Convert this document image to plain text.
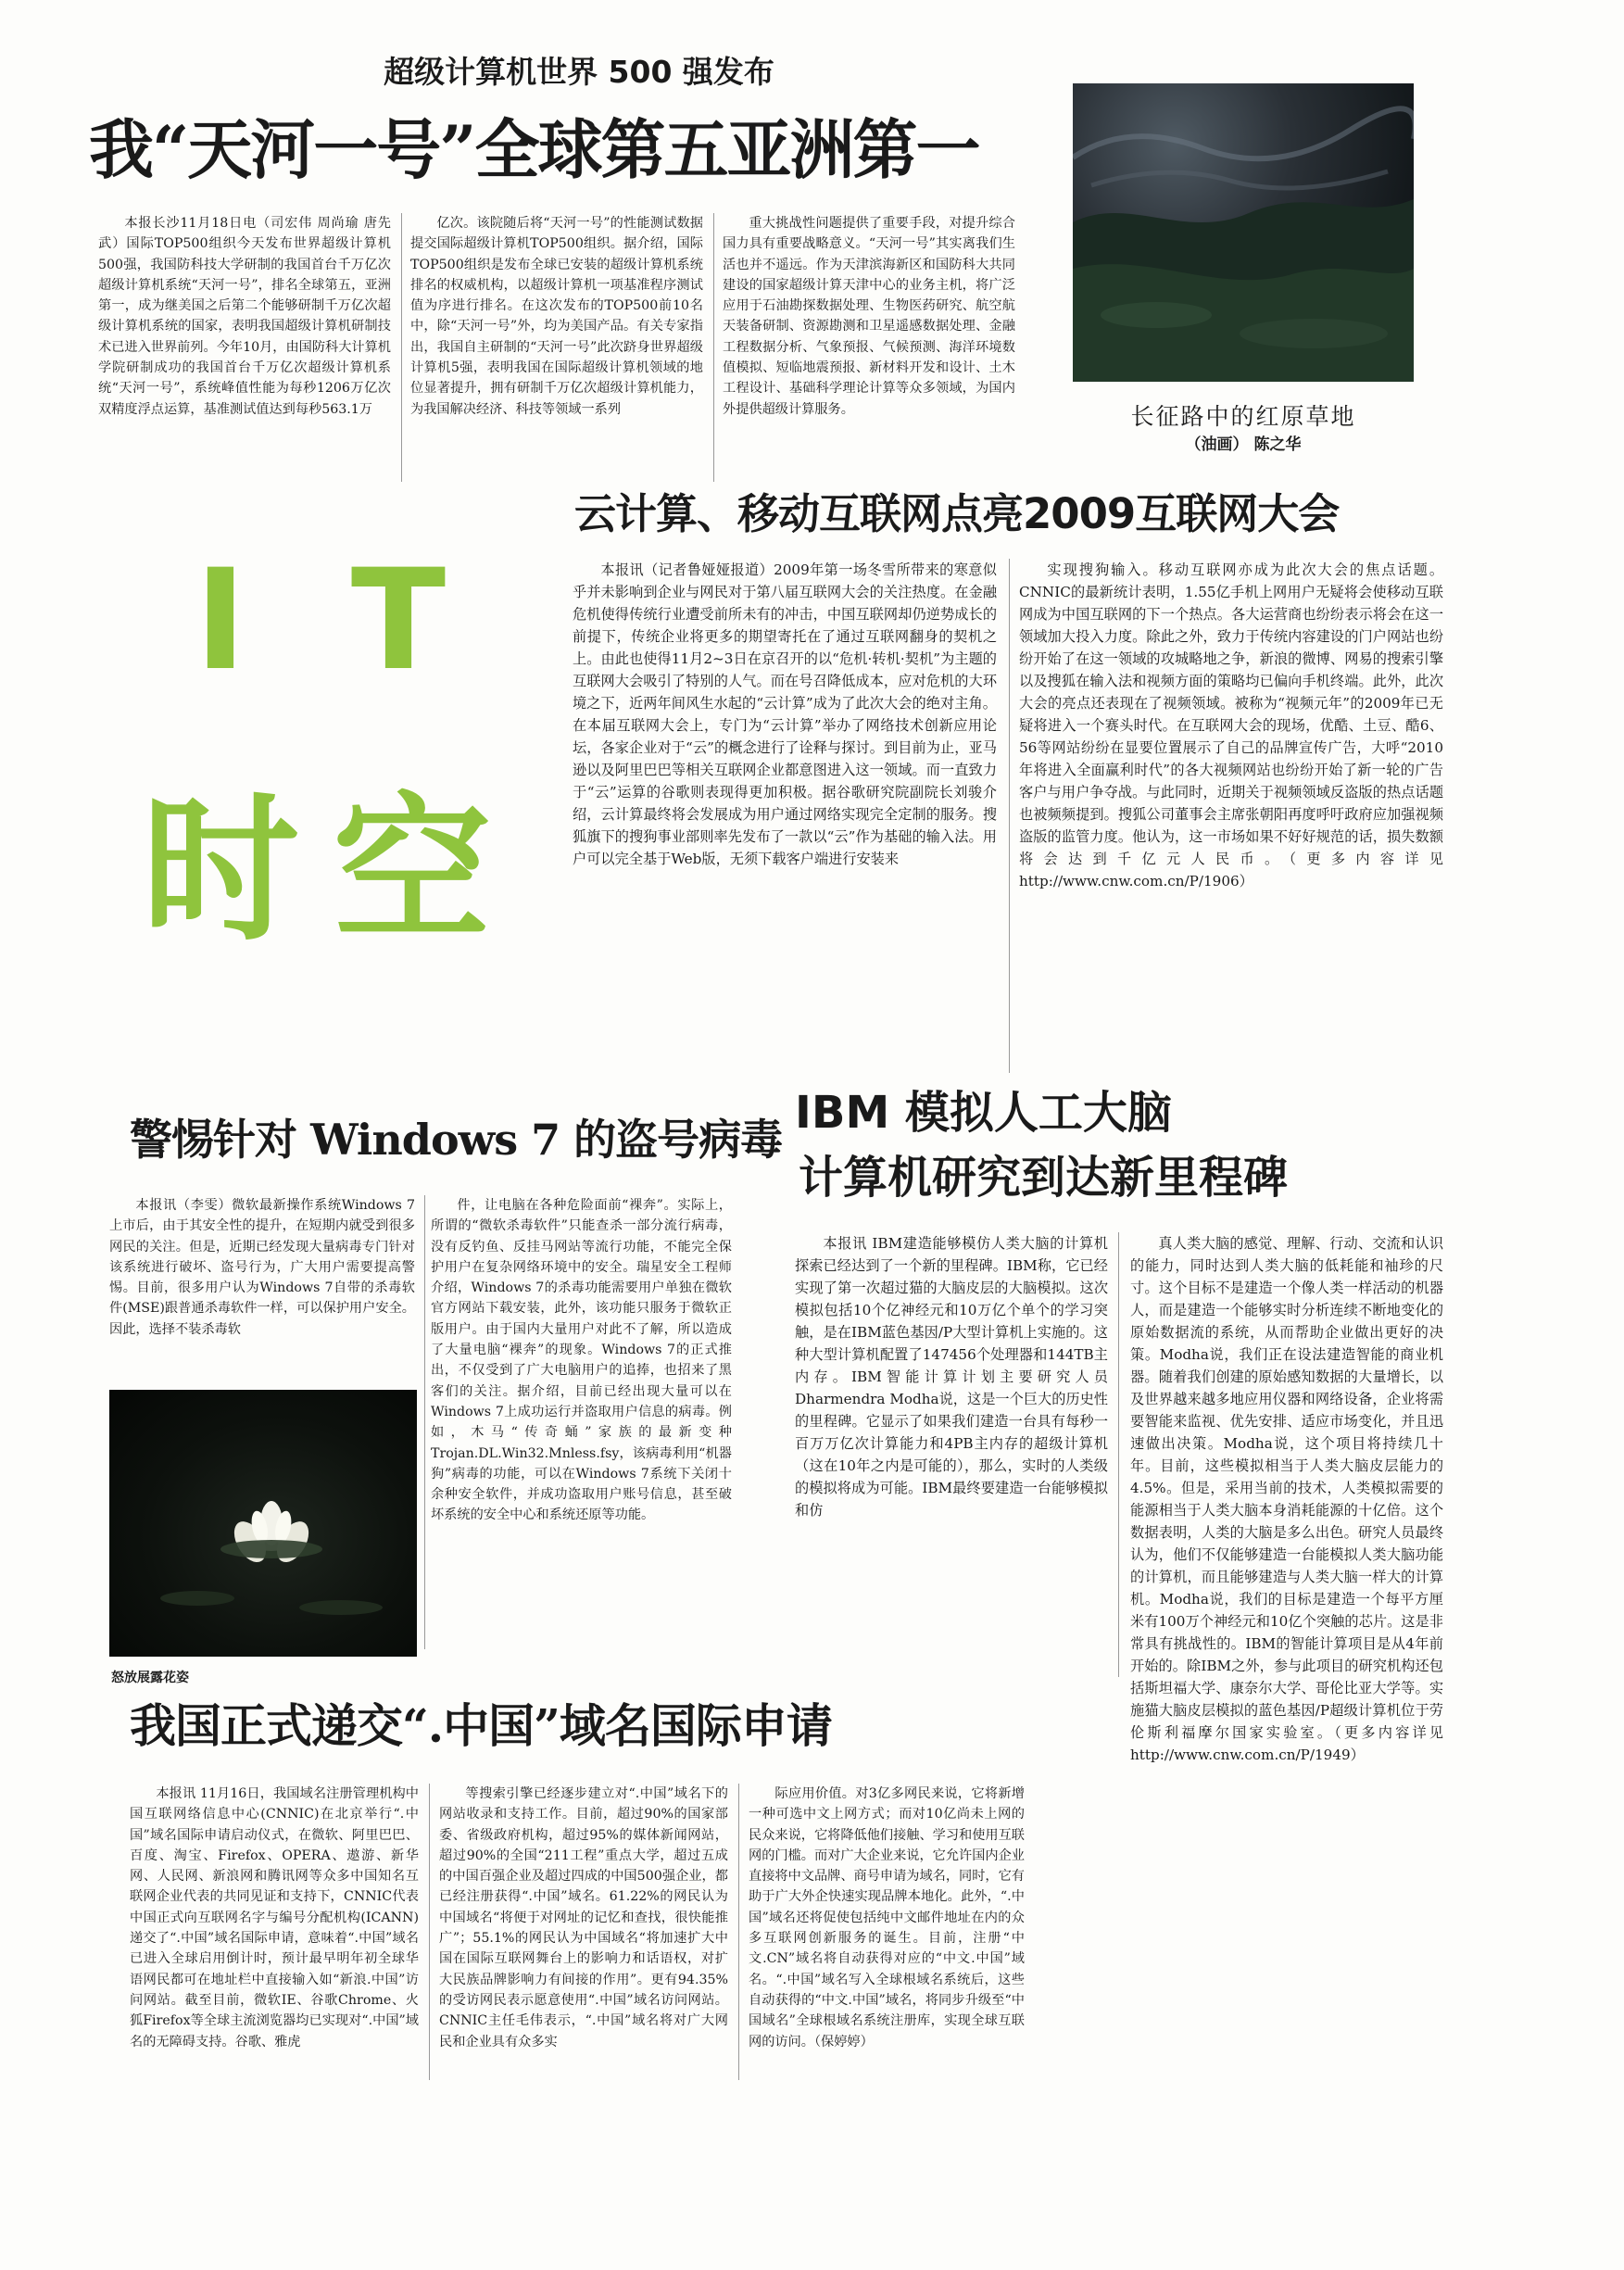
超级计算机世界 500 强发布
我“天河一号”全球第五亚洲第一

本报长沙11月18日电（司宏伟 周尚瑜 唐先武）国际TOP500组织今天发布世界超级计算机500强，我国防科技大学研制的我国首台千万亿次超级计算机系统“天河一号”，排名全球第五，亚洲第一，成为继美国之后第二个能够研制千万亿次超级计算机系统的国家，表明我国超级计算机研制技术已进入世界前列。今年10月，由国防科大计算机学院研制成功的我国首台千万亿次超级计算机系统“天河一号”，系统峰值性能为每秒1206万亿次双精度浮点运算，基准测试值达到每秒563.1万

亿次。该院随后将“天河一号”的性能测试数据提交国际超级计算机TOP500组织。据介绍，国际TOP500组织是发布全球已安装的超级计算机系统排名的权威机构，以超级计算机一项基准程序测试值为序进行排名。在这次发布的TOP500前10名中，除“天河一号”外，均为美国产品。有关专家指出，我国自主研制的“天河一号”此次跻身世界超级计算机5强，表明我国在国际超级计算机领域的地位显著提升，拥有研制千万亿次超级计算机能力，为我国解决经济、科技等领域一系列

重大挑战性问题提供了重要手段，对提升综合国力具有重要战略意义。“天河一号”其实离我们生活也并不遥远。作为天津滨海新区和国防科大共同建设的国家超级计算天津中心的业务主机，将广泛应用于石油勘探数据处理、生物医药研究、航空航天装备研制、资源勘测和卫星遥感数据处理、金融工程数据分析、气象预报、气候预测、海洋环境数值模拟、短临地震预报、新材料开发和设计、土木工程设计、基础科学理论计算等众多领域，为国内外提供超级计算服务。	长征路中的红原草地
（油画） 陈之华
I T
时 空
云计算、移动互联网点亮2009互联网大会

本报讯（记者鲁娅娅报道）2009年第一场冬雪所带来的寒意似乎并未影响到企业与网民对于第八届互联网大会的关注热度。在金融危机使得传统行业遭受前所未有的冲击，中国互联网却仍逆势成长的前提下，传统企业将更多的期望寄托在了通过互联网翻身的契机之上。由此也使得11月2~3日在京召开的以“危机·转机·契机”为主题的互联网大会吸引了特别的人气。而在号召降低成本，应对危机的大环境之下，近两年间风生水起的“云计算”成为了此次大会的绝对主角。在本届互联网大会上，专门为“云计算”举办了网络技术创新应用论坛，各家企业对于“云”的概念进行了诠释与探讨。到目前为止，亚马逊以及阿里巴巴等相关互联网企业都意图进入这一领域。而一直致力于“云”运算的谷歌则表现得更加积极。据谷歌研究院副院长刘骏介绍，云计算最终将会发展成为用户通过网络实现完全定制的服务。搜狐旗下的搜狗事业部则率先发布了一款以“云”作为基础的输入法。用户可以完全基于Web版，无须下载客户端进行安装来

实现搜狗输入。移动互联网亦成为此次大会的焦点话题。CNNIC的最新统计表明，1.55亿手机上网用户无疑将会使移动互联网成为中国互联网的下一个热点。各大运营商也纷纷表示将会在这一领域加大投入力度。除此之外，致力于传统内容建设的门户网站也纷纷开始了在这一领域的攻城略地之争，新浪的微博、网易的搜索引擎以及搜狐在输入法和视频方面的策略均已偏向手机终端。此外，此次大会的亮点还表现在了视频领域。被称为“视频元年”的2009年已无疑将进入一个赛头时代。在互联网大会的现场，优酷、土豆、酷6、56等网站纷纷在显要位置展示了自己的品牌宣传广告，大呼“2010年将进入全面赢利时代”的各大视频网站也纷纷开始了新一轮的广告客户与用户争夺战。与此同时，近期关于视频领域反盗版的热点话题也被频频提到。搜狐公司董事会主席张朝阳再度呼吁政府应加强视频盗版的监管力度。他认为，这一市场如果不好好规范的话，损失数额将会达到千亿元人民币。（更多内容详见http://www.cnw.com.cn/P/1906）

警惕针对 Windows 7 的盗号病毒

本报讯（李雯）微软最新操作系统Windows 7上市后，由于其安全性的提升，在短期内就受到很多网民的关注。但是，近期已经发现大量病毒专门针对该系统进行破坏、盗号行为，广大用户需要提高警惕。目前，很多用户认为Windows 7自带的杀毒软件(MSE)跟普通杀毒软件一样，可以保护用户安全。因此，选择不装杀毒软

件，让电脑在各种危险面前“裸奔”。实际上，所谓的“微软杀毒软件”只能查杀一部分流行病毒，没有反钓鱼、反挂马网站等流行功能，不能完全保护用户在复杂网络环境中的安全。瑞星安全工程师介绍，Windows 7的杀毒功能需要用户单独在微软官方网站下载安装，此外，该功能只服务于微软正版用户。由于国内大量用户对此不了解，所以造成了大量电脑“裸奔”的现象。Windows 7的正式推出，不仅受到了广大电脑用户的追捧，也招来了黑客们的关注。据介绍，目前已经出现大量可以在Windows 7上成功运行并盗取用户信息的病毒。例如，木马“传奇蛹”家族的最新变种Trojan.DL.Win32.Mnless.fsy，该病毒利用“机器狗”病毒的功能，可以在Windows 7系统下关闭十余种安全软件，并成功盗取用户账号信息，甚至破坏系统的安全中心和系统还原等功能。

怒放展露花姿
IBM 模拟人工大脑
计算机研究到达新里程碑

本报讯 IBM建造能够模仿人类大脑的计算机探索已经达到了一个新的里程碑。IBM称，它已经实现了第一次超过猫的大脑皮层的大脑模拟。这次模拟包括10个亿神经元和10万亿个单个的学习突触，是在IBM蓝色基因/P大型计算机上实施的。这种大型计算机配置了147456个处理器和144TB主内存。IBM智能计算计划主要研究人员Dharmendra Modha说，这是一个巨大的历史性的里程碑。它显示了如果我们建造一台具有每秒一百万万亿次计算能力和4PB主内存的超级计算机（这在10年之内是可能的），那么，实时的人类级的模拟将成为可能。IBM最终要建造一台能够模拟和仿

真人类大脑的感觉、理解、行动、交流和认识的能力，同时达到人类大脑的低耗能和袖珍的尺寸。这个目标不是建造一个像人类一样活动的机器人，而是建造一个能够实时分析连续不断地变化的原始数据流的系统，从而帮助企业做出更好的决策。Modha说，我们正在设法建造智能的商业机器。随着我们创建的原始感知数据的大量增长，以及世界越来越多地应用仪器和网络设备，企业将需要智能来监视、优先安排、适应市场变化，并且迅速做出决策。Modha说，这个项目将持续几十年。目前，这些模拟相当于人类大脑皮层能力的4.5%。但是，采用当前的技术，人类模拟需要的能源相当于人类大脑本身消耗能源的十亿倍。这个数据表明，人类的大脑是多么出色。研究人员最终认为，他们不仅能够建造一台能模拟人类大脑功能的计算机，而且能够建造与人类大脑一样大的计算机。Modha说，我们的目标是建造一个每平方厘米有100万个神经元和10亿个突触的芯片。这是非常具有挑战性的。IBM的智能计算项目是从4年前开始的。除IBM之外，参与此项目的研究机构还包括斯坦福大学、康奈尔大学、哥伦比亚大学等。实施猫大脑皮层模拟的蓝色基因/P超级计算机位于劳伦斯利福摩尔国家实验室。（更多内容详见http://www.cnw.com.cn/P/1949）

我国正式递交“.中国”域名国际申请

本报讯 11月16日，我国域名注册管理机构中国互联网络信息中心(CNNIC)在北京举行“.中国”域名国际申请启动仪式，在微软、阿里巴巴、百度、淘宝、Firefox、OPERA、遨游、新华网、人民网、新浪网和腾讯网等众多中国知名互联网企业代表的共同见证和支持下，CNNIC代表中国正式向互联网名字与编号分配机构(ICANN)递交了“.中国”域名国际申请，意味着“.中国”域名已进入全球启用倒计时，预计最早明年初全球华语网民都可在地址栏中直接输入如“新浪.中国”访问网站。截至目前，微软IE、谷歌Chrome、火狐Firefox等全球主流浏览器均已实现对“.中国”域名的无障碍支持。谷歌、雅虎

等搜索引擎已经逐步建立对“.中国”域名下的网站收录和支持工作。目前，超过90%的国家部委、省级政府机构，超过95%的媒体新闻网站，超过90%的全国“211工程”重点大学，超过五成的中国百强企业及超过四成的中国500强企业，都已经注册获得“.中国”域名。61.22%的网民认为中国域名“将便于对网址的记忆和查找，很快能推广”；55.1%的网民认为中国域名“将加速扩大中国在国际互联网舞台上的影响力和话语权，对扩大民族品牌影响力有间接的作用”。更有94.35%的受访网民表示愿意使用“.中国”域名访问网站。CNNIC主任毛伟表示，“.中国”域名将对广大网民和企业具有众多实

际应用价值。对3亿多网民来说，它将新增一种可选中文上网方式；而对10亿尚未上网的民众来说，它将降低他们接触、学习和使用互联网的门槛。而对广大企业来说，它允许国内企业直接将中文品牌、商号申请为域名，同时，它有助于广大外企快速实现品牌本地化。此外，“.中国”域名还将促使包括纯中文邮件地址在内的众多互联网创新服务的诞生。目前，注册“中文.CN”域名将自动获得对应的“中文.中国”域名。“.中国”域名写入全球根域名系统后，这些自动获得的“中文.中国”域名，将同步升级至“中国域名”全球根域名系统注册库，实现全球互联网的访问。（保婷婷）
